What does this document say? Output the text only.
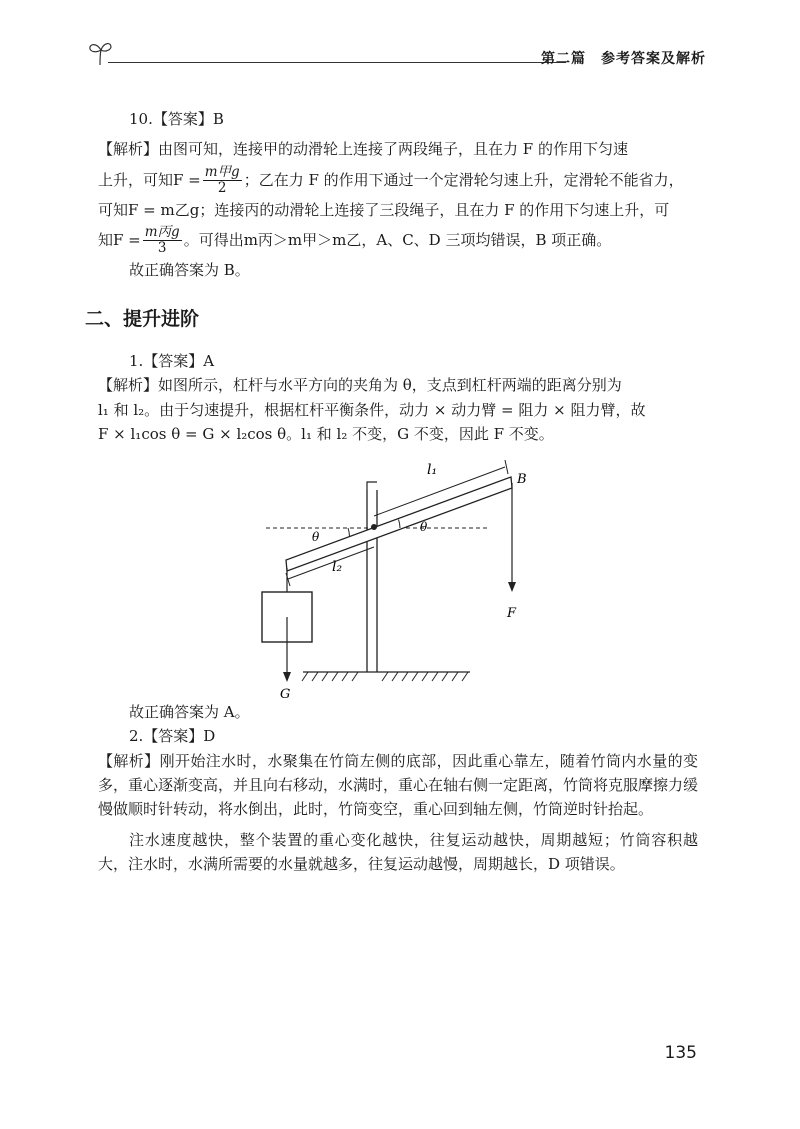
第二篇　参考答案及解析

10.【答案】B

【解析】由图可知，连接甲的动滑轮上连接了两段绳子，且在力 F 的作用下匀速

上升，可知$F = \frac{\text{m甲g}}{2}$ ；乙在力 F 的作用下通过一个定滑轮匀速上升，定滑轮不能省力，

可知F = m乙g；连接丙的动滑轮上连接了三段绳子，且在力 F 的作用下匀速上升，可

知$F = \frac{\text{m丙g}}{3}$ 。可得出m丙＞m甲＞m乙，A、C、D 三项均错误，B 项正确。

故正确答案为 B。

二、提升进阶

1.【答案】A

【解析】如图所示，杠杆与水平方向的夹角为 θ，支点到杠杆两端的距离分别为

l₁ 和 l₂。由于匀速提升，根据杠杆平衡条件，动力 × 动力臂 = 阻力 × 阻力臂，故

F × l₁cos θ = G × l₂cos θ。l₁ 和 l₂ 不变，G 不变，因此 F 不变。

l₁
l₂
B
F
G
θ
θ

故正确答案为 A。

2.【答案】D

【解析】刚开始注水时，水聚集在竹筒左侧的底部，因此重心靠左，随着竹筒内水量的变多，重心逐渐变高，并且向右移动，水满时，重心在轴右侧一定距离，竹筒将克服摩擦力缓慢做顺时针转动，将水倒出，此时，竹筒变空，重心回到轴左侧，竹筒逆时针抬起。

注水速度越快，整个装置的重心变化越快，往复运动越快，周期越短；竹筒容积越大，注水时，水满所需要的水量就越多，往复运动越慢，周期越长，D 项错误。

135
